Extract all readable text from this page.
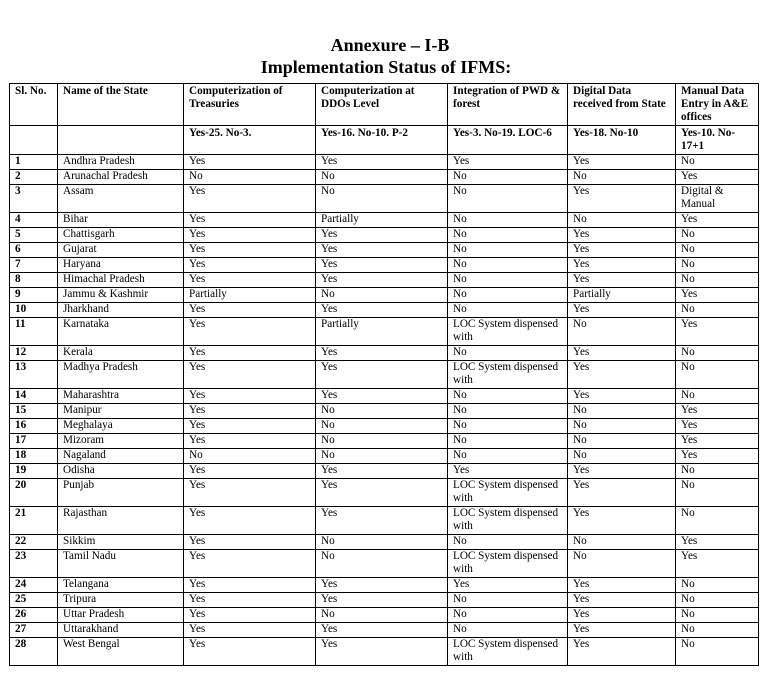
Annexure – I-B
Implementation Status of IFMS:
Sl. No.	Name of the State	Computerization of Treasuries	Computerization at DDOs Level	Integration of PWD & forest	Digital Data received from State	Manual Data Entry in A&E offices
		Yes-25. No-3.	Yes-16. No-10. P-2	Yes-3. No-19. LOC-6	Yes-18. No-10	Yes-10. No-17+1
1	Andhra Pradesh	Yes	Yes	Yes	Yes	No
2	Arunachal Pradesh	No	No	No	No	Yes
3	Assam	Yes	No	No	Yes	Digital & Manual
4	Bihar	Yes	Partially	No	No	Yes
5	Chattisgarh	Yes	Yes	No	Yes	No
6	Gujarat	Yes	Yes	No	Yes	No
7	Haryana	Yes	Yes	No	Yes	No
8	Himachal Pradesh	Yes	Yes	No	Yes	No
9	Jammu & Kashmir	Partially	No	No	Partially	Yes
10	Jharkhand	Yes	Yes	No	Yes	No
11	Karnataka	Yes	Partially	LOC System dispensed with	No	Yes
12	Kerala	Yes	Yes	No	Yes	No
13	Madhya Pradesh	Yes	Yes	LOC System dispensed with	Yes	No
14	Maharashtra	Yes	Yes	No	Yes	No
15	Manipur	Yes	No	No	No	Yes
16	Meghalaya	Yes	No	No	No	Yes
17	Mizoram	Yes	No	No	No	Yes
18	Nagaland	No	No	No	No	Yes
19	Odisha	Yes	Yes	Yes	Yes	No
20	Punjab	Yes	Yes	LOC System dispensed with	Yes	No
21	Rajasthan	Yes	Yes	LOC System dispensed with	Yes	No
22	Sikkim	Yes	No	No	No	Yes
23	Tamil Nadu	Yes	No	LOC System dispensed with	No	Yes
24	Telangana	Yes	Yes	Yes	Yes	No
25	Tripura	Yes	Yes	No	Yes	No
26	Uttar Pradesh	Yes	No	No	Yes	No
27	Uttarakhand	Yes	Yes	No	Yes	No
28	West Bengal	Yes	Yes	LOC System dispensed with	Yes	No
